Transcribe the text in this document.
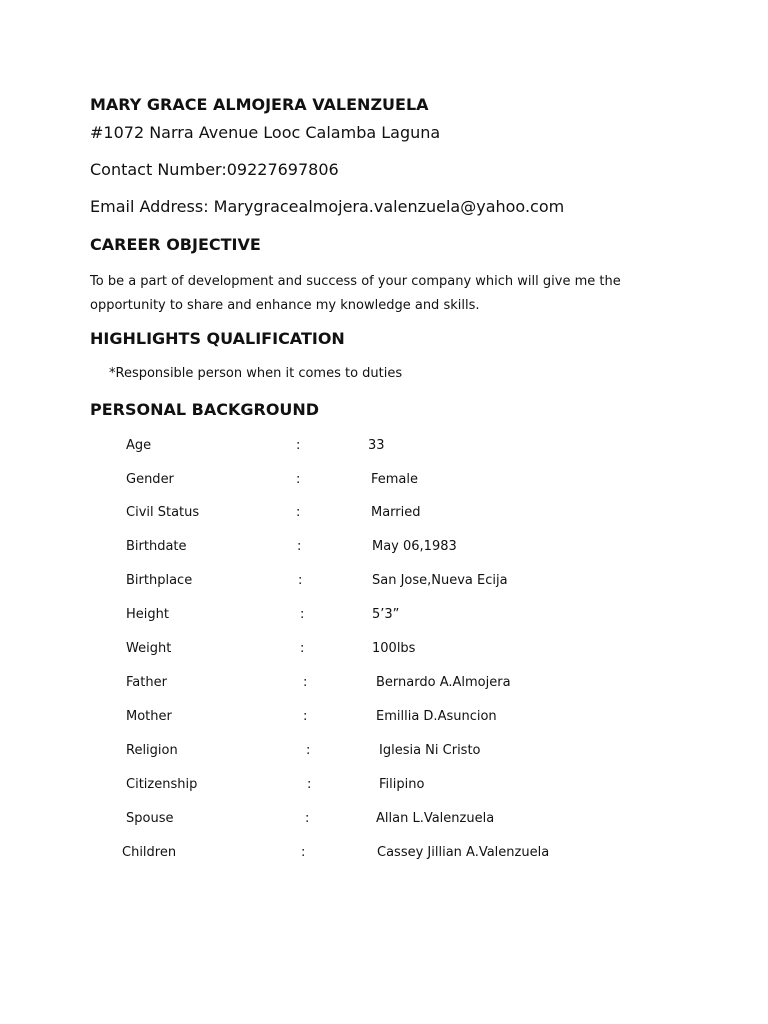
MARY GRACE ALMOJERA VALENZUELA
#1072 Narra Avenue Looc Calamba Laguna
Contact Number:09227697806
Email Address: Marygracealmojera.valenzuela@yahoo.com
CAREER OBJECTIVE
To be a part of development and success of your company which will give me the opportunity to share and enhance my knowledge and skills.
HIGHLIGHTS QUALIFICATION
*Responsible person when it comes to duties
PERSONAL BACKGROUND
Age	:	33
Gender	:	Female
Civil Status	:	Married
Birthdate	:	May 06,1983
Birthplace	:	San Jose,Nueva Ecija
Height	:	5’3”
Weight	:	100lbs
Father	:	Bernardo A.Almojera
Mother	:	Emillia D.Asuncion
Religion	:	Iglesia Ni Cristo
Citizenship	:	Filipino
Spouse	:	Allan L.Valenzuela
Children	:	Cassey Jillian A.Valenzuela
